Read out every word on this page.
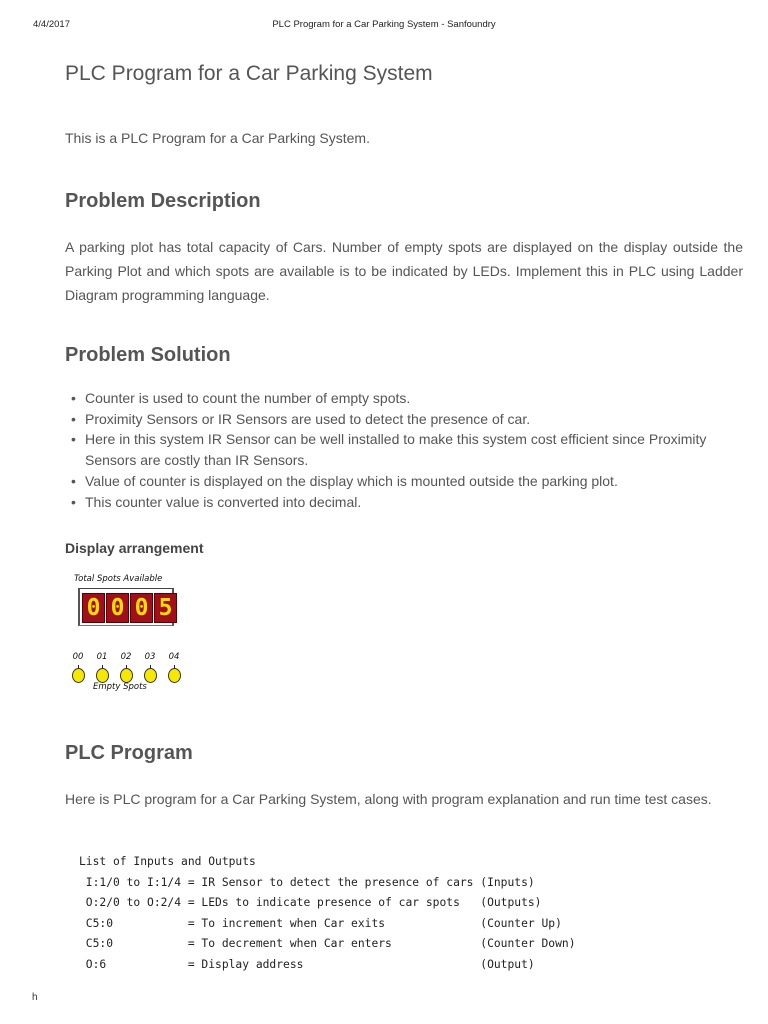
4/4/2017	PLC Program for a Car Parking System - Sanfoundry
PLC Program for a Car Parking System

This is a PLC Program for a Car Parking System.

Problem Description

A parking plot has total capacity of Cars. Number of empty spots are displayed on the display outside the Parking Plot and which spots are available is to be indicated by LEDs. Implement this in PLC using Ladder Diagram programming language.

Problem Solution
• Counter is used to count the number of empty spots.
• Proximity Sensors or IR Sensors are used to detect the presence of car.
• Here in this system IR Sensor can be well installed to make this system cost efficient since Proximity Sensors are costly than IR Sensors.
• Value of counter is displayed on the display which is mounted outside the parking plot.
• This counter value is converted into decimal.
Display arrangement
Total Spots Available
0 0 0 5
00	01	02	03	04
Empty Spots
PLC Program

Here is PLC program for a Car Parking System, along with program explanation and run time test cases.

List of Inputs and Outputs
I:1/0 to I:1/4 = IR Sensor to detect the presence of cars (Inputs)
O:2/0 to O:2/4 = LEDs to indicate presence of car spots   (Outputs)
C5:0           = To increment when Car exits              (Counter Up)
C5:0           = To decrement when Car enters             (Counter Down)
O:6            = Display address                          (Output)
h
